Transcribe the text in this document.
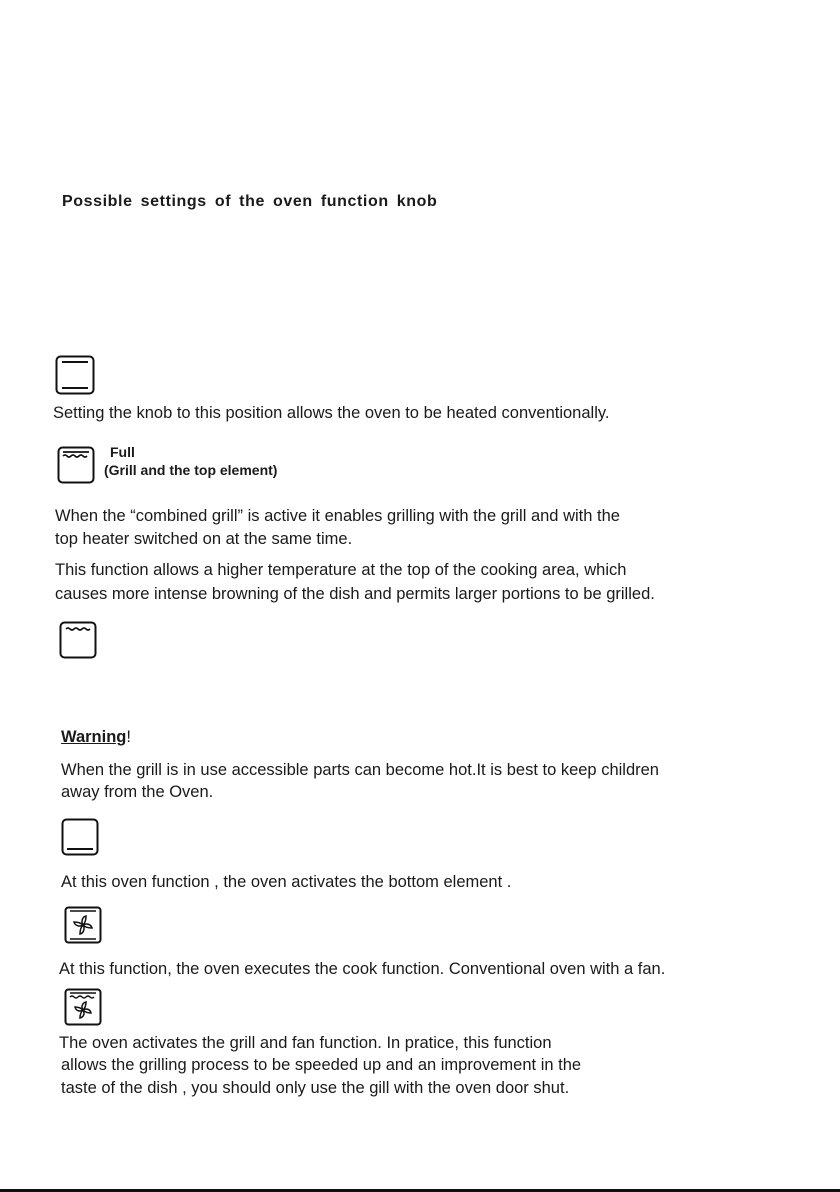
Possible settings of the oven function knob
Setting the knob to this position allows the oven to be heated conventionally.
Full
(Grill and the top element)
When the “combined grill” is active it enables grilling with the grill and with the
top heater switched on at the same time.
This function allows a higher temperature at the top of the cooking area, which
causes more intense browning of the dish and permits larger portions to be grilled.
Warning!
When the grill is in use accessible parts can become hot.It is best to keep children
away from the Oven.
At this oven function , the oven activates the bottom element .
At this function, the oven executes the cook function. Conventional oven with a fan.
The oven activates the grill and fan function. In pratice, this function
allows the grilling process to be speeded up and an improvement in the
taste of the dish , you should only use the gill with the oven door shut.
